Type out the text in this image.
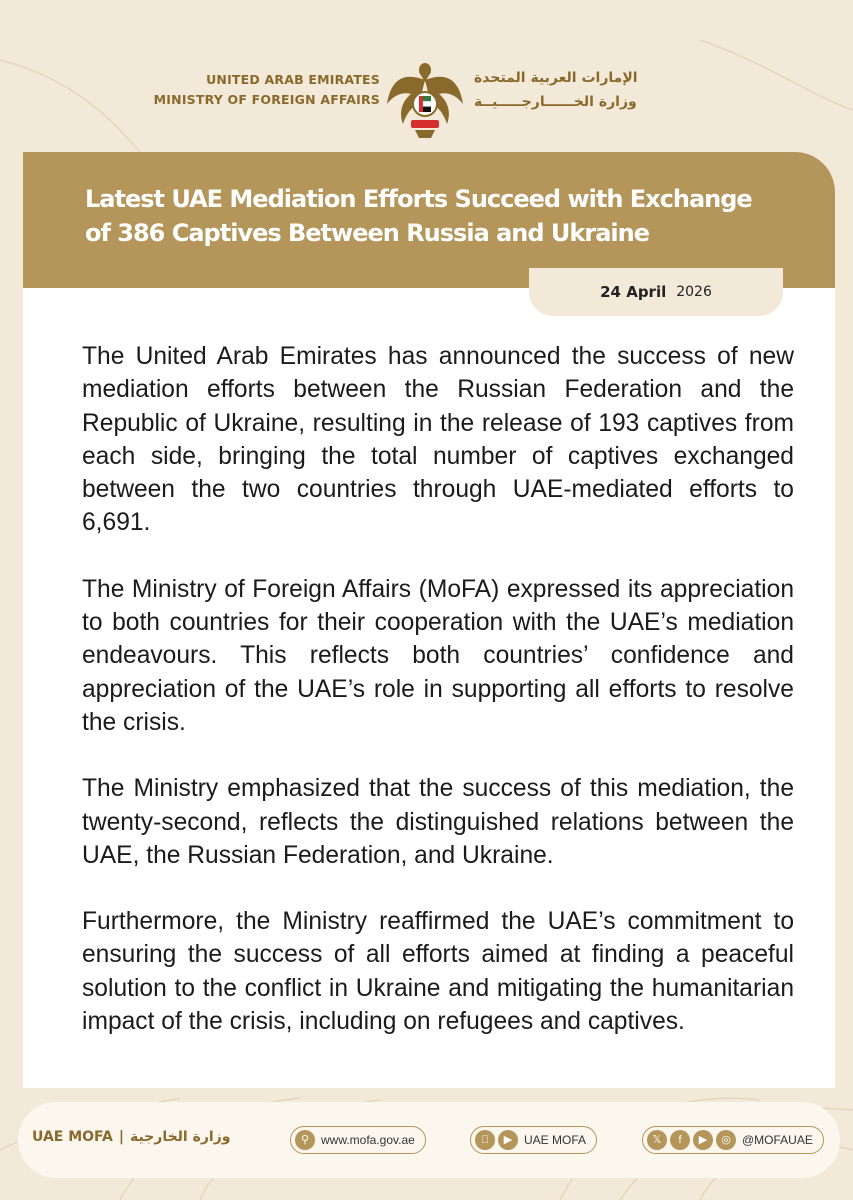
UNITED ARAB EMIRATES
MINISTRY OF FOREIGN AFFAIRS
الإمارات العربية المتحدة
وزارة الخــــــارجـــــيــة
Latest UAE Mediation Efforts Succeed with Exchange
of 386 Captives Between Russia and Ukraine
24 April 2026

The United Arab Emirates has announced the success of new mediation efforts between the Russian Federation and the Republic of Ukraine, resulting in the release of 193 captives from each side, bringing the total number of captives exchanged between the two countries through UAE-mediated efforts to 6,691.

The Ministry of Foreign Affairs (MoFA) expressed its appreciation to both countries for their cooperation with the UAE’s mediation endeavours. This reflects both countries’ confidence and appreciation of the UAE’s role in supporting all efforts to resolve the crisis.

The Ministry emphasized that the success of this mediation, the twenty-second, reflects the distinguished relations between the UAE, the Russian Federation, and Ukraine.

Furthermore, the Ministry reaffirmed the UAE’s commitment to ensuring the success of all efforts aimed at finding a peaceful solution to the conflict in Ukraine and mitigating the humanitarian impact of the crisis, including on refugees and captives.

UAE MOFA | وزارة الخارجية	⚲ www.mofa.gov.ae	▶ UAE MOFA	𝕏	f	▶	◎ @MOFAUAE
